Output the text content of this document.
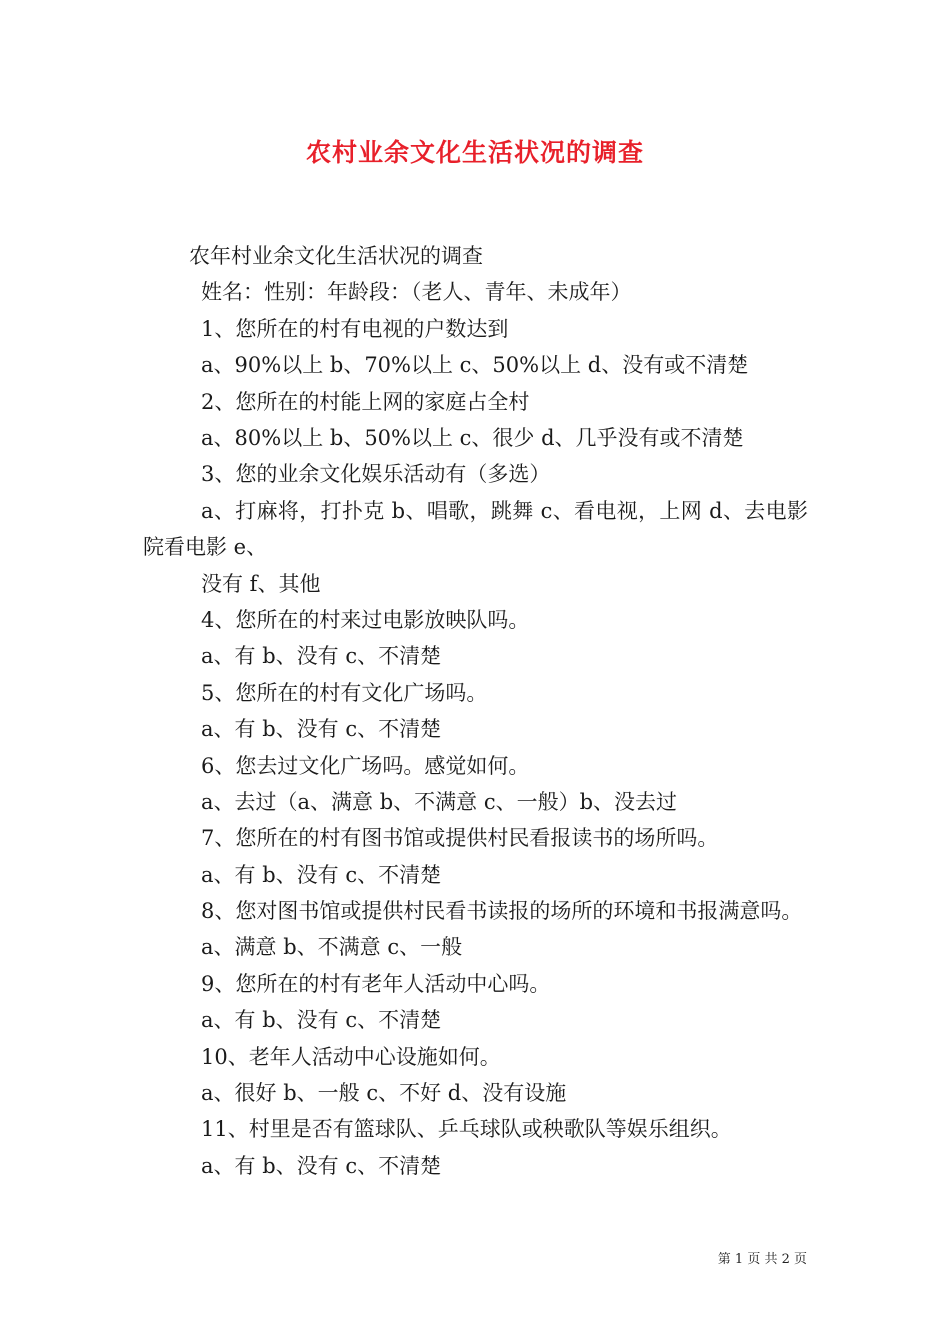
农村业余文化生活状况的调查
农年村业余文化生活状况的调查
姓名：性别：年龄段：（老人、青年、未成年）
1、您所在的村有电视的户数达到
a、90%以上 b、70%以上 c、50%以上 d、没有或不清楚
2、您所在的村能上网的家庭占全村
a、80%以上 b、50%以上 c、很少 d、几乎没有或不清楚
3、您的业余文化娱乐活动有（多选）
a、打麻将，打扑克 b、唱歌，跳舞 c、看电视，上网 d、去电影院看电影 e、
没有 f、其他
4、您所在的村来过电影放映队吗。
a、有 b、没有 c、不清楚
5、您所在的村有文化广场吗。
a、有 b、没有 c、不清楚
6、您去过文化广场吗。感觉如何。
a、去过（a、满意 b、不满意 c、一般）b、没去过
7、您所在的村有图书馆或提供村民看报读书的场所吗。
a、有 b、没有 c、不清楚
8、您对图书馆或提供村民看书读报的场所的环境和书报满意吗。
a、满意 b、不满意 c、一般
9、您所在的村有老年人活动中心吗。
a、有 b、没有 c、不清楚
10、老年人活动中心设施如何。
a、很好 b、一般 c、不好 d、没有设施
11、村里是否有篮球队、乒乓球队或秧歌队等娱乐组织。
a、有 b、没有 c、不清楚
第 1 页 共 2 页
